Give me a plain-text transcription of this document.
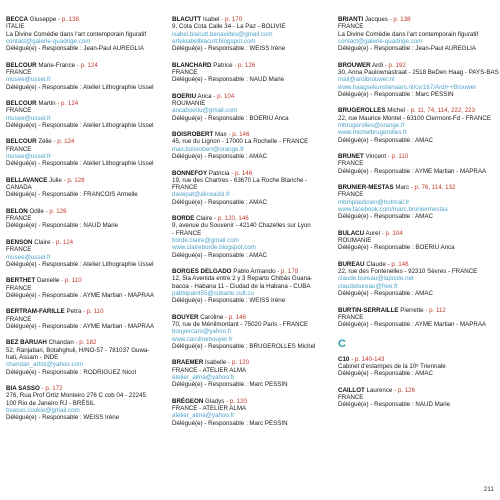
BECCA Giuseppe - p. 138
ITALIE
La Divine Comédie dans l'art contemporain figuratif
contact@galerie-quadrige.com
Délégué(e) - Responsable : Jean-Paul AUREGLIA
BELCOUR Marie-France - p. 124
FRANCE
musee@ussel.fr
Délégué(e) - Responsable : Atelier Lithographie Ussel
BELCOUR Martin - p. 124
FRANCE
musee@ussel.fr
Délégué(e) - Responsable : Atelier Lithographie Ussel
BELCOUR Zélie - p. 124
FRANCE
musee@ussel.fr
Délégué(e) - Responsable : Atelier Lithographie Ussel
BELLAVANCE Julie - p. 128
CANADA
Délégué(e) - Responsable : FRANCOIS Armelle
BELON Odile - p. 126
FRANCE
Délégué(e) - Responsable : NAUD Marie
BENSON Claire - p. 124
FRANCE
musee@ussel.fr
Délégué(e) - Responsable : Atelier Lithographie Ussel
BERTHET Danielle - p. 110
FRANCE
Délégué(e) - Responsable : AYME Martian - MAPRAA
BERTRAM-FARILLE Petra - p. 110
FRANCE
Délégué(e) - Responsable : AYME Martian - MAPRAA
BEZ BARUAH Chandan - p. 182
52, Ranjabari, Botahghuli, H/NO-57 - 781037 Guwa-
hati, Assam - INDE
chandan_artist@yahoo.com
Délégué(e) - Responsable : RODRIGUEZ Nicol
BIA SASSO - p. 172
276, Rua Prof Ortiz Monteiro 276 C cob 04 - 22245
100 Rio de Janeiro RJ - BRÉSIL
bsasso.cookie@gmail.com
Délégué(e) - Responsable : WEISS Irène
BLACUTT Isabel - p. 170
9, Cota Cota Calle 34 - La Paz - BOLIVIE
isabel.blacutt.benavides@gmail.com
artelsabelblacutt.blogspot.com
Délégué(e) - Responsable : WEISS Irène
BLANCHARD Patrice - p. 126
FRANCE
Délégué(e) - Responsable : NAUD Marie
BOERIU Anca - p. 104
ROUMANIE
ancaboeriu@gmail.com
Délégué(e) - Responsable : BOERIU Anca
BOISROBERT Max - p. 146
45, rue du Lignon - 17000 La Rochelle - FRANCE
max.boisrobert@orange.fr
Délégué(e) - Responsable : AMAC
BONNEFOY Patricia - p. 146
19, rue des Chartres - 63670 La Roche Blanche -
FRANCE
davepat@aliceadsl.fr
Délégué(e) - Responsable : AMAC
BORDE Claire - p. 120, 146
9, avenue du Souvenir - 42140 Chazelles sur Lyon
- FRANCE
borde.claire@gmail.com
www.claireborde.blogspot.com
Délégué(e) - Responsable : AMAC
BORGES DELGADO Pablo Armando - p. 178
12, 5ta Avenida entre 2 y 3 Reparto Chibás Guana-
bacoa - Habana 11 - Ciudad de la Habana - CUBA
pablopaint55@cubarte.cult.cu
Délégué(e) - Responsable : WEISS Irène
BOUYER Caroline - p. 146
70, rue de Ménilmontant - 75020 Paris - FRANCE
bouyercaro@yahoo.fr
www.carolinebouyer.fr
Délégué(e) - Responsable : BRUGEROLLES Michel
BRAEMER Isabelle - p. 120
FRANCE - ATELIER ALMA
atelier_alma@yahoo.fr
Délégué(e) - Responsable : Marc PESSIN
BRÉGEON Gladys - p. 120
FRANCE - ATELIER ALMA
atelier_alma@yahoo.fr
Délégué(e) - Responsable : Marc PESSIN
BRIANTI Jacques - p. 138
FRANCE
La Divine Comédie dans l'art contemporain figuratif
contact@galerie-quadrige.com
Délégué(e) - Responsable : Jean-Paul AUREGLIA
BROUWER Ardi - p. 192
30, Anna Paulownastraat - 2518 BeDen Haag - PAYS-BAS
mail@ardibrouwer.nl
www.haagsekunstenaars.nl/cv/167/Ardi++Brouwer
Délégué(e) - Responsable : Marc PESSIN
BRUGEROLLES Michel - p. 11, 74, 114, 222, 223
22, rue Maurice Montel - 63100 Clermont-Fd - FRANCE
mbrugerolles@orange.fr
www.michelbrugerolles.fr
Délégué(e) - Responsable : AMAC
BRUNET Vincent - p. 110
FRANCE
Délégué(e) - Responsable : AYME Martian - MAPRAA
BRUNIER-MESTAS Marc - p. 76, 114, 132
FRANCE
mbmplasticien@hotmail.fr
www.facebook.com/marc.bruniermestas
Délégué(e) - Responsable : AMAC
BULACU Aurel - p. 104
ROUMANIE
Délégué(e) - Responsable : BOERIU Anca
BUREAU Claude - p. 148
22, rue des Fontenelles - 92310 Sèvres - FRANCE
claude.bureau@laposte.net
claudebureau@free.fr
Délégué(e) - Responsable : AMAC
BURTIN-SERRAILLE Pierrette - p. 112
FRANCE
Délégué(e) - Responsable : AYME Martian - MAPRAA
C
C10 - p. 140-143
Cabinet d'estampes de la 10ᵉ Triennale
Délégué(e) - Responsable : AMAC
CAILLOT Laurence - p. 126
FRANCE
Délégué(e) - Responsable : NAUD Marie
211
